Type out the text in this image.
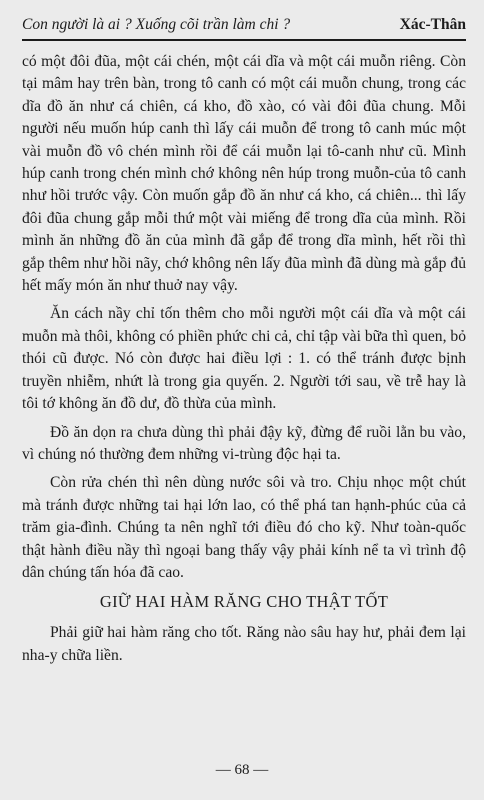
Con người là ai ? Xuống cõi trần làm chi ?	Xác-Thân

có một đôi đũa, một cái chén, một cái dĩa và một cái muỗn riêng. Còn tại mâm hay trên bàn, trong tô canh có một cái muỗn chung, trong các dĩa đồ ăn như cá chiên, cá kho, đồ xào, có vài đôi đũa chung. Mỗi người nếu muốn húp canh thì lấy cái muỗn để trong tô canh múc một vài muỗn đồ vô chén mình rồi để cái muỗn lại tô-canh như cũ. Mình húp canh trong chén mình chớ không nên húp trong muỗn-của tô canh như hồi trước vậy. Còn muốn gắp đồ ăn như cá kho, cá chiên... thì lấy đôi đũa chung gắp mỗi thứ một vài miếng để trong dĩa của mình. Rồi mình ăn những đồ ăn của mình đã gắp để trong dĩa mình, hết rồi thì gắp thêm như hồi nãy, chớ không nên lấy đũa mình đã dùng mà gắp đủ hết mấy món ăn như thuở nay vậy.

Ăn cách nầy chỉ tốn thêm cho mỗi người một cái dĩa và một cái muỗn mà thôi, không có phiền phức chi cả, chỉ tập vài bữa thì quen, bỏ thói cũ được. Nó còn được hai điều lợi : 1. có thể tránh được bịnh truyền nhiễm, nhứt là trong gia quyến. 2. Người tới sau, về trễ hay là tôi tớ không ăn đồ dư, đồ thừa của mình.

Đồ ăn dọn ra chưa dùng thì phải đậy kỹ, đừng để ruồi lằn bu vào, vì chúng nó thường đem những vi-trùng độc hại ta.

Còn rửa chén thì nên dùng nước sôi và tro. Chịu nhọc một chút mà tránh được những tai hại lớn lao, có thể phá tan hạnh-phúc của cả trăm gia-đình. Chúng ta nên nghĩ tới điều đó cho kỹ. Như toàn-quốc thật hành điều nầy thì ngoại bang thấy vậy phải kính nể ta vì trình độ dân chúng tấn hóa đã cao.

GIỮ HAI HÀM RĂNG CHO THẬT TỐT

Phải giữ hai hàm răng cho tốt. Răng nào sâu hay hư, phải đem lại nha-y chữa liền.

— 68 —
